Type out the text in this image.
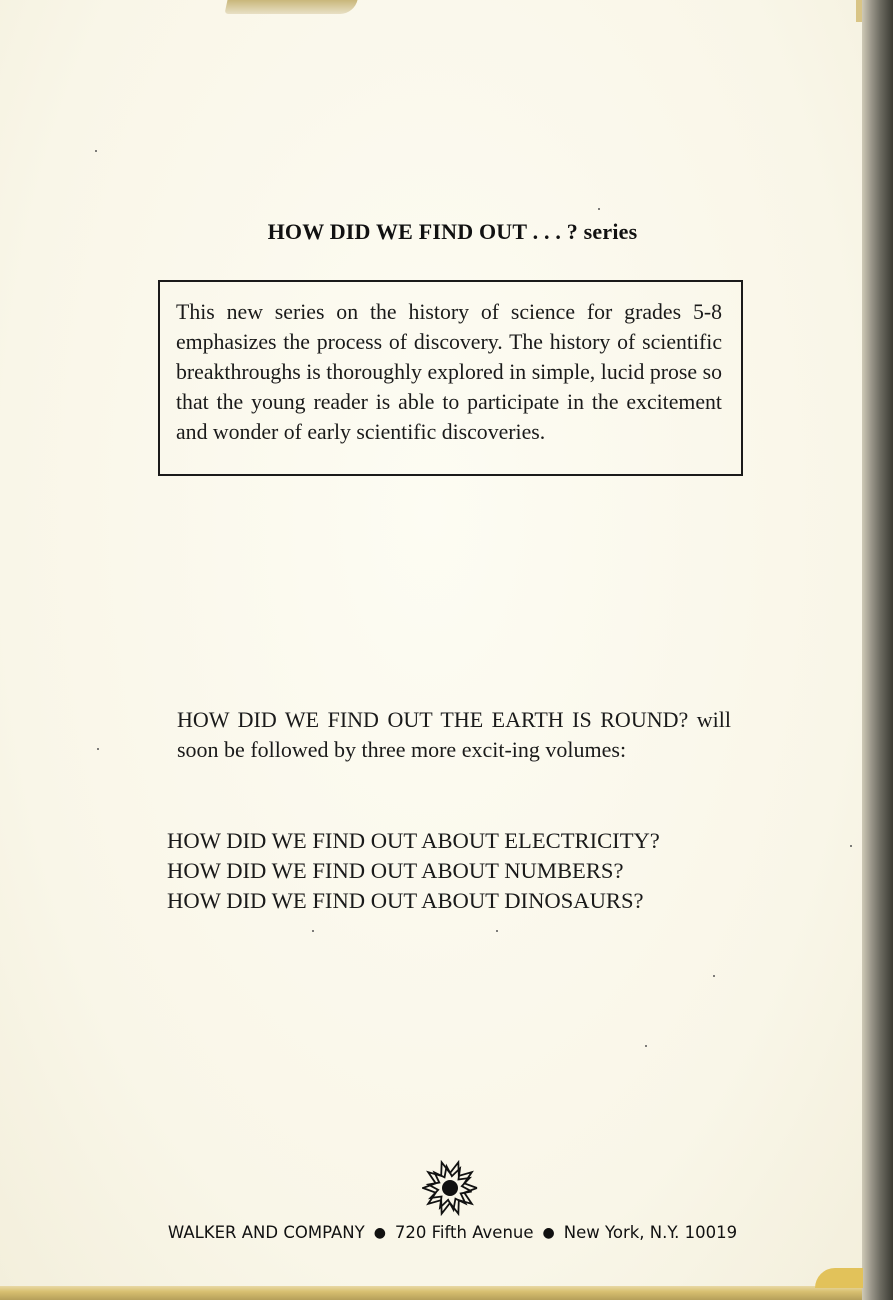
HOW DID WE FIND OUT . . . ? series

This new series on the history of science for grades 5-8 emphasizes the process of discovery. The history of scientific breakthroughs is thoroughly explored in simple, lucid prose so that the young reader is able to participate in the excitement and wonder of early scientific discoveries.

HOW DID WE FIND OUT THE EARTH IS ROUND? will soon be followed by three more excit-ing volumes:

HOW DID WE FIND OUT ABOUT ELECTRICITY?
HOW DID WE FIND OUT ABOUT NUMBERS?
HOW DID WE FIND OUT ABOUT DINOSAURS?
WALKER AND COMPANY ● 720 Fifth Avenue ● New York, N.Y. 10019
